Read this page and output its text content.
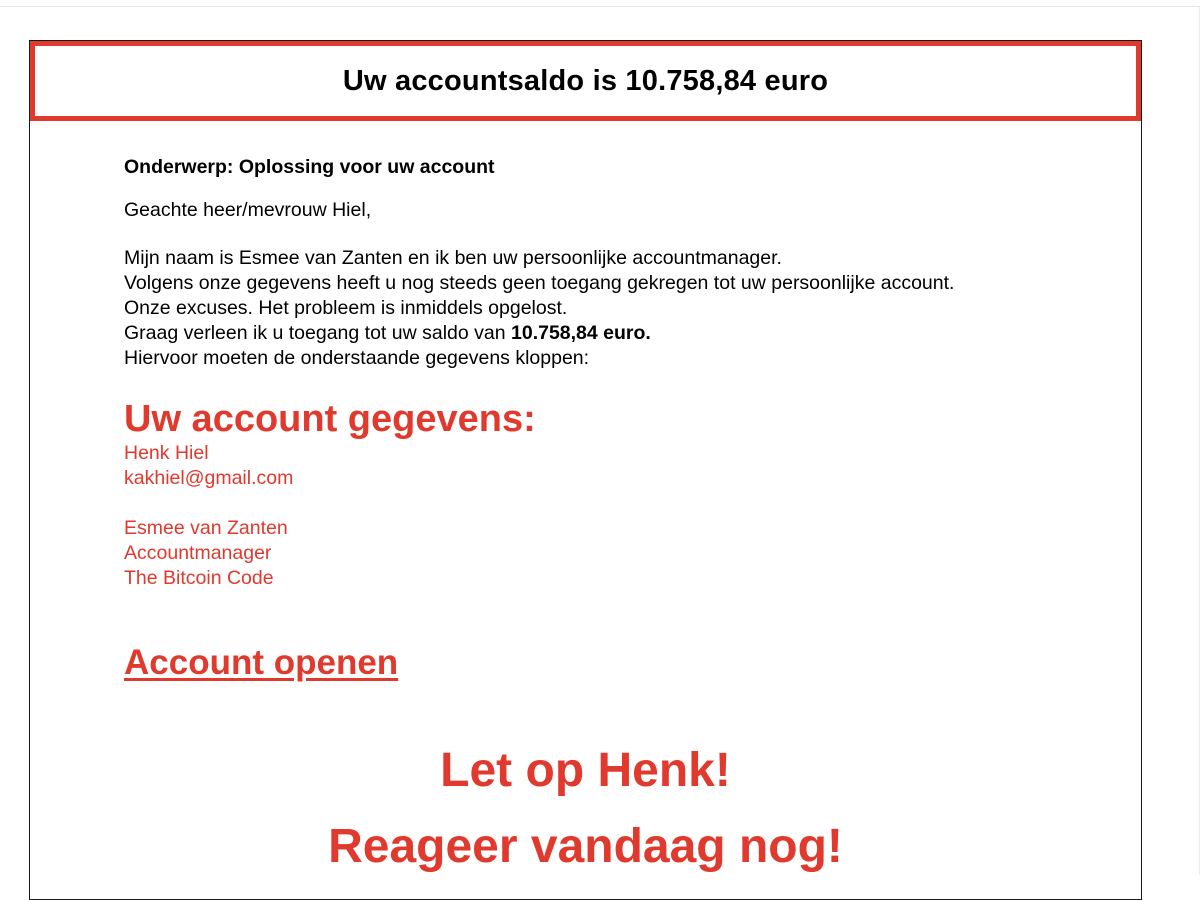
Uw accountsaldo is 10.758,84 euro

Onderwerp: Oplossing voor uw account

Geachte heer/mevrouw Hiel,

Mijn naam is Esmee van Zanten en ik ben uw persoonlijke accountmanager.
Volgens onze gegevens heeft u nog steeds geen toegang gekregen tot uw persoonlijke account.
Onze excuses. Het probleem is inmiddels opgelost.
Graag verleen ik u toegang tot uw saldo van 10.758,84 euro.
Hiervoor moeten de onderstaande gegevens kloppen:
Uw account gegevens:
Henk Hiel
kakhiel@gmail.com
Esmee van Zanten
Accountmanager
The Bitcoin Code
Account openen

Let op Henk!

Reageer vandaag nog!
